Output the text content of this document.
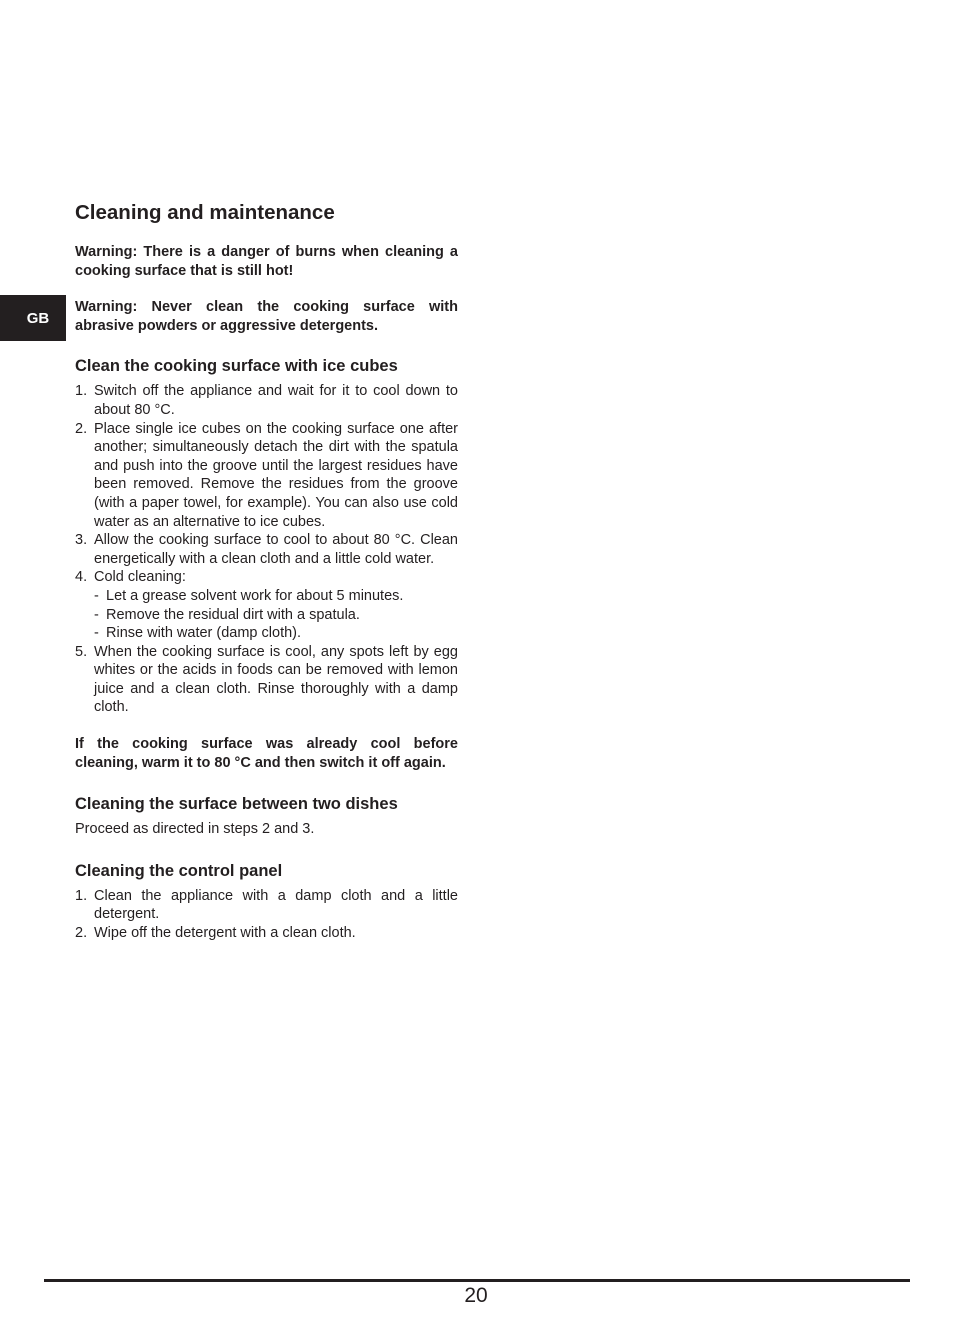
GB
Cleaning and maintenance

Warning: There is a danger of burns when cleaning a cooking surface that is still hot!

Warning: Never clean the cooking surface with abrasive powders or aggressive detergents.

Clean the cooking surface with ice cubes
1. Switch off the appliance and wait for it to cool down to about 80 °C.
2. Place single ice cubes on the cooking surface one after another; simultaneously detach the dirt with the spatula and push into the groove until the largest residues have been removed. Remove the residues from the groove (with a paper towel, for example). You can also use cold water as an alternative to ice cubes.
3. Allow the cooking surface to cool to about 80 °C. Clean energetically with a clean cloth and a little cold water.
4. Cold cleaning:
- Let a grease solvent work for about 5 minutes.
- Remove the residual dirt with a spatula.
- Rinse with water (damp cloth).
5. When the cooking surface is cool, any spots left by egg whites or the acids in foods can be removed with lemon juice and a clean cloth. Rinse thoroughly with a damp cloth.

If the cooking surface was already cool before cleaning, warm it to 80 °C and then switch it off again.

Cleaning the surface between two dishes

Proceed as directed in steps 2 and 3.

Cleaning the control panel
1. Clean the appliance with a damp cloth and a little detergent.
2. Wipe off the detergent with a clean cloth.
20
